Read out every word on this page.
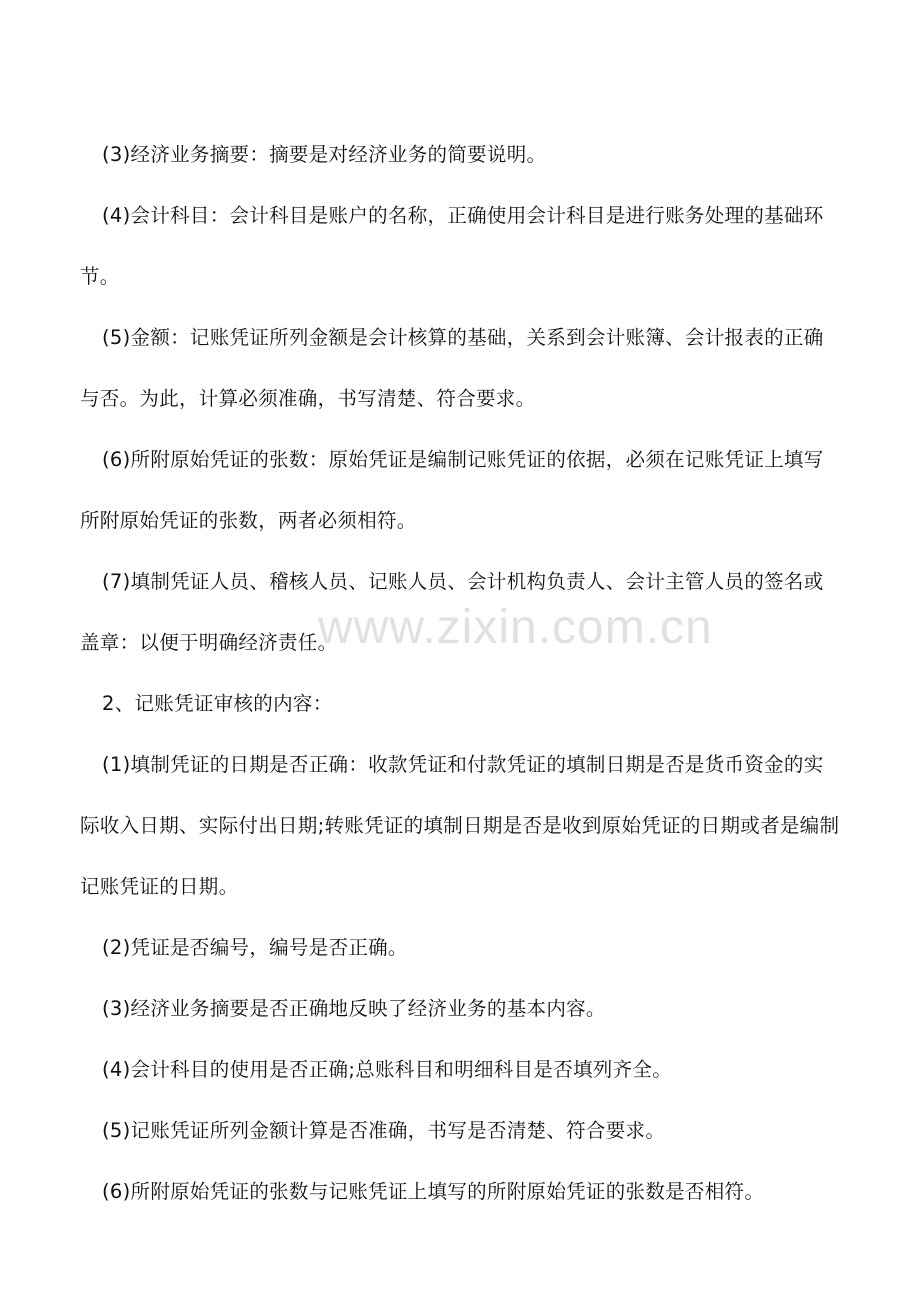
(3)经济业务摘要：摘要是对经济业务的简要说明。

(4)会计科目：会计科目是账户的名称，正确使用会计科目是进行账务处理的基础环节。

(5)金额：记账凭证所列金额是会计核算的基础，关系到会计账簿、会计报表的正确与否。为此，计算必须准确，书写清楚、符合要求。

(6)所附原始凭证的张数：原始凭证是编制记账凭证的依据，必须在记账凭证上填写所附原始凭证的张数，两者必须相符。

(7)填制凭证人员、稽核人员、记账人员、会计机构负责人、会计主管人员的签名或盖章：以便于明确经济责任。

2、记账凭证审核的内容：

(1)填制凭证的日期是否正确：收款凭证和付款凭证的填制日期是否是货币资金的实际收入日期、实际付出日期;转账凭证的填制日期是否是收到原始凭证的日期或者是编制记账凭证的日期。

(2)凭证是否编号，编号是否正确。

(3)经济业务摘要是否正确地反映了经济业务的基本内容。

(4)会计科目的使用是否正确;总账科目和明细科目是否填列齐全。

(5)记账凭证所列金额计算是否准确，书写是否清楚、符合要求。

(6)所附原始凭证的张数与记账凭证上填写的所附原始凭证的张数是否相符。

www.zixin.com.cn
